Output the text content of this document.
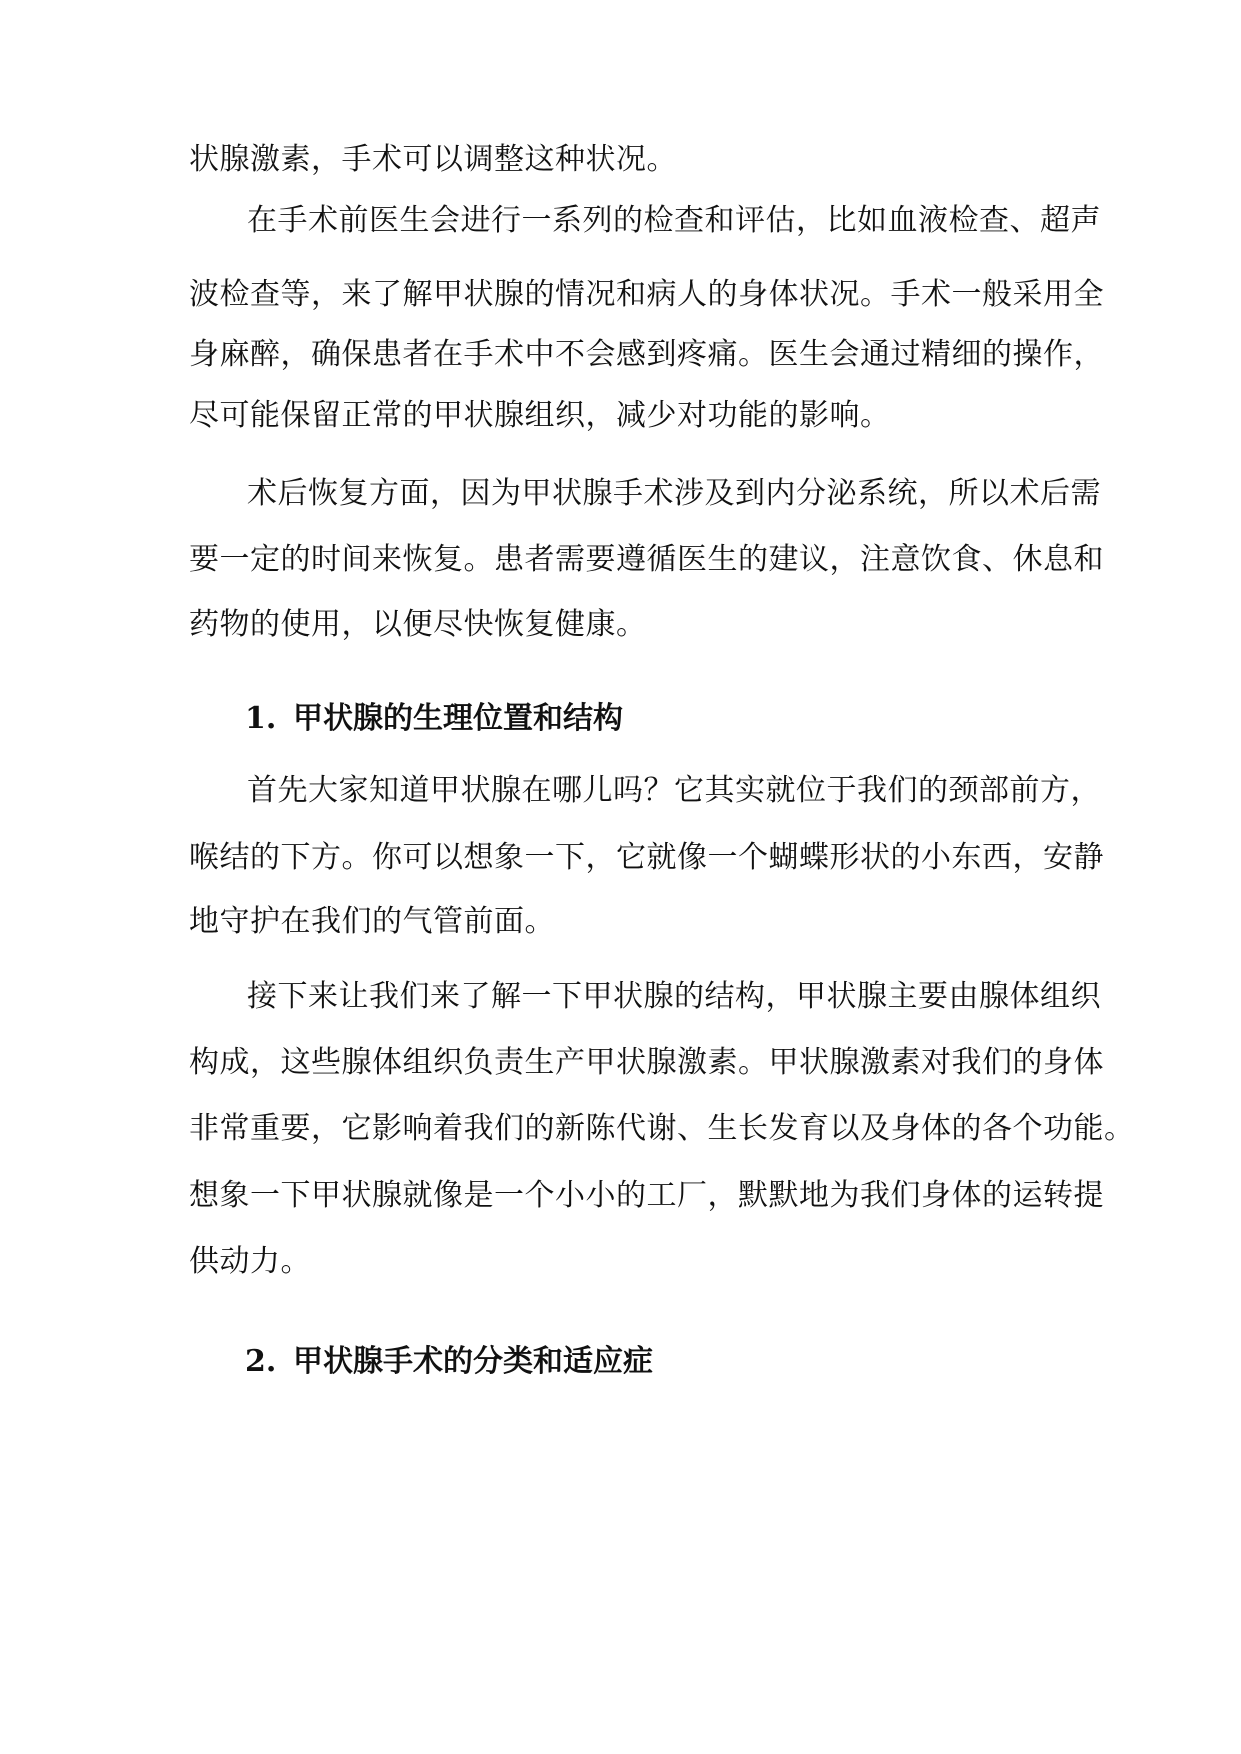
状腺激素，手术可以调整这种状况。
在手术前医生会进行一系列的检查和评估，比如血液检查、超声
波检查等，来了解甲状腺的情况和病人的身体状况。手术一般采用全
身麻醉，确保患者在手术中不会感到疼痛。医生会通过精细的操作，
尽可能保留正常的甲状腺组织，减少对功能的影响。
术后恢复方面，因为甲状腺手术涉及到内分泌系统，所以术后需
要一定的时间来恢复。患者需要遵循医生的建议，注意饮食、休息和
药物的使用，以便尽快恢复健康。
1. 甲状腺的生理位置和结构
首先大家知道甲状腺在哪儿吗？它其实就位于我们的颈部前方，
喉结的下方。你可以想象一下，它就像一个蝴蝶形状的小东西，安静
地守护在我们的气管前面。
接下来让我们来了解一下甲状腺的结构，甲状腺主要由腺体组织
构成，这些腺体组织负责生产甲状腺激素。甲状腺激素对我们的身体
非常重要，它影响着我们的新陈代谢、生长发育以及身体的各个功能。
想象一下甲状腺就像是一个小小的工厂，默默地为我们身体的运转提
供动力。
2. 甲状腺手术的分类和适应症
